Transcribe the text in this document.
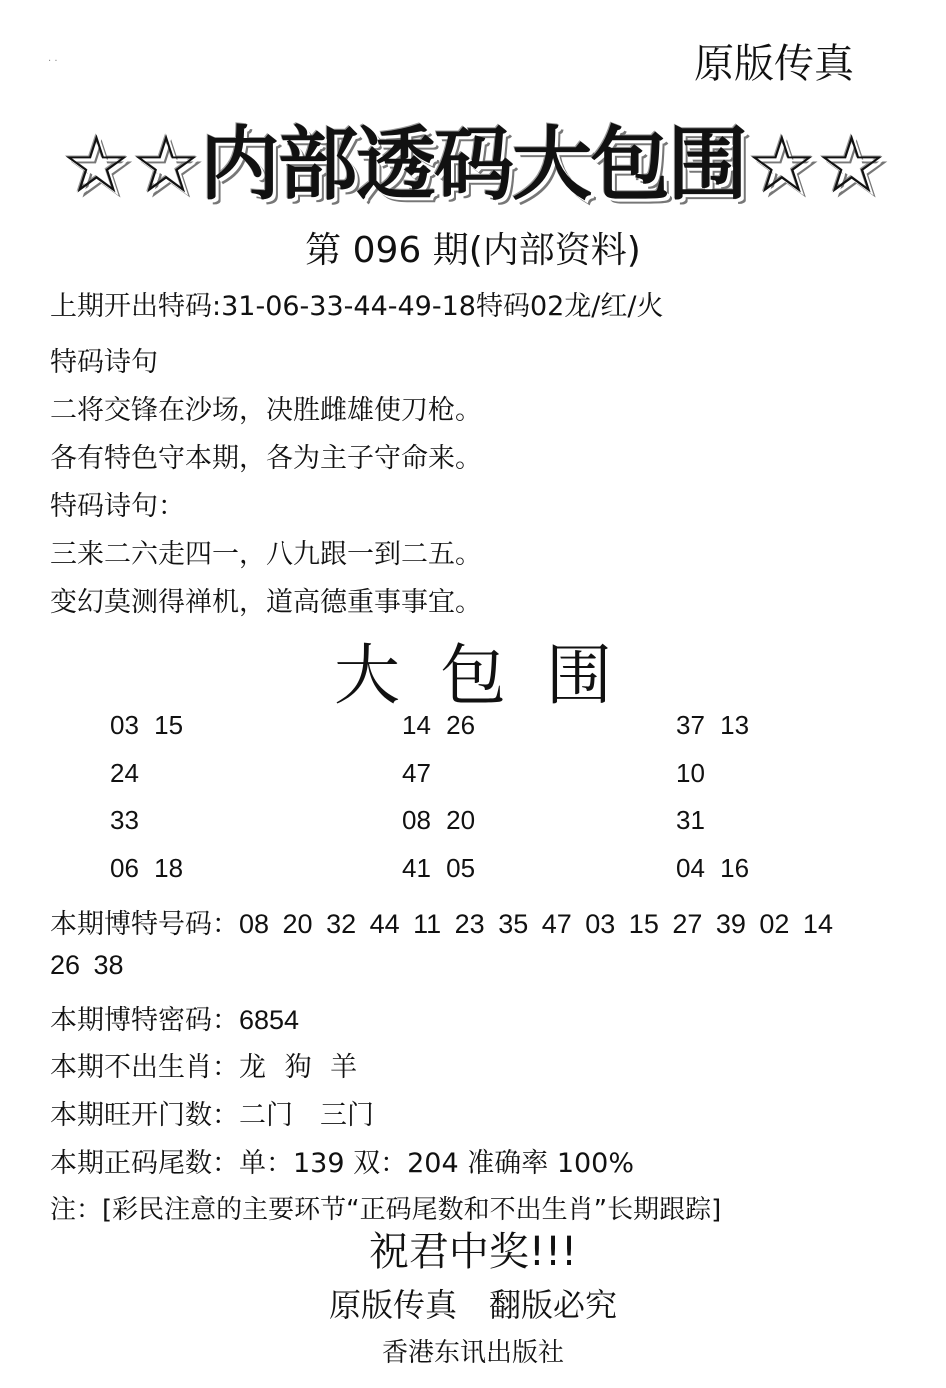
· ·	原版传真
☆☆内部透码大包围☆☆
第 096 期(内部资料)
上期开出特码:31-06-33-44-49-18特码02龙/红/火
特码诗句
二将交锋在沙场，决胜雌雄使刀枪。
各有特色守本期，各为主子守命来。
特码诗句：
三来二六走四一，八九跟一到二五。
变幻莫测得禅机，道高德重事事宜。
大包围
03 15	14 26	37 13
24	47	10
33	08 20	31
06 18	41 05	04 16
本期博特号码：08 20 32 44 11 23 35 47 03 15 27 39 02 14
26 38
本期博特密码：6854
本期不出生肖：龙 狗 羊
本期旺开门数：二门　三门
本期正码尾数：单：139 双：204 准确率 100%
注：[彩民注意的主要环节“正码尾数和不出生肖”长期跟踪]
祝君中奖!!!
原版传真　翻版必究
香港东讯出版社
